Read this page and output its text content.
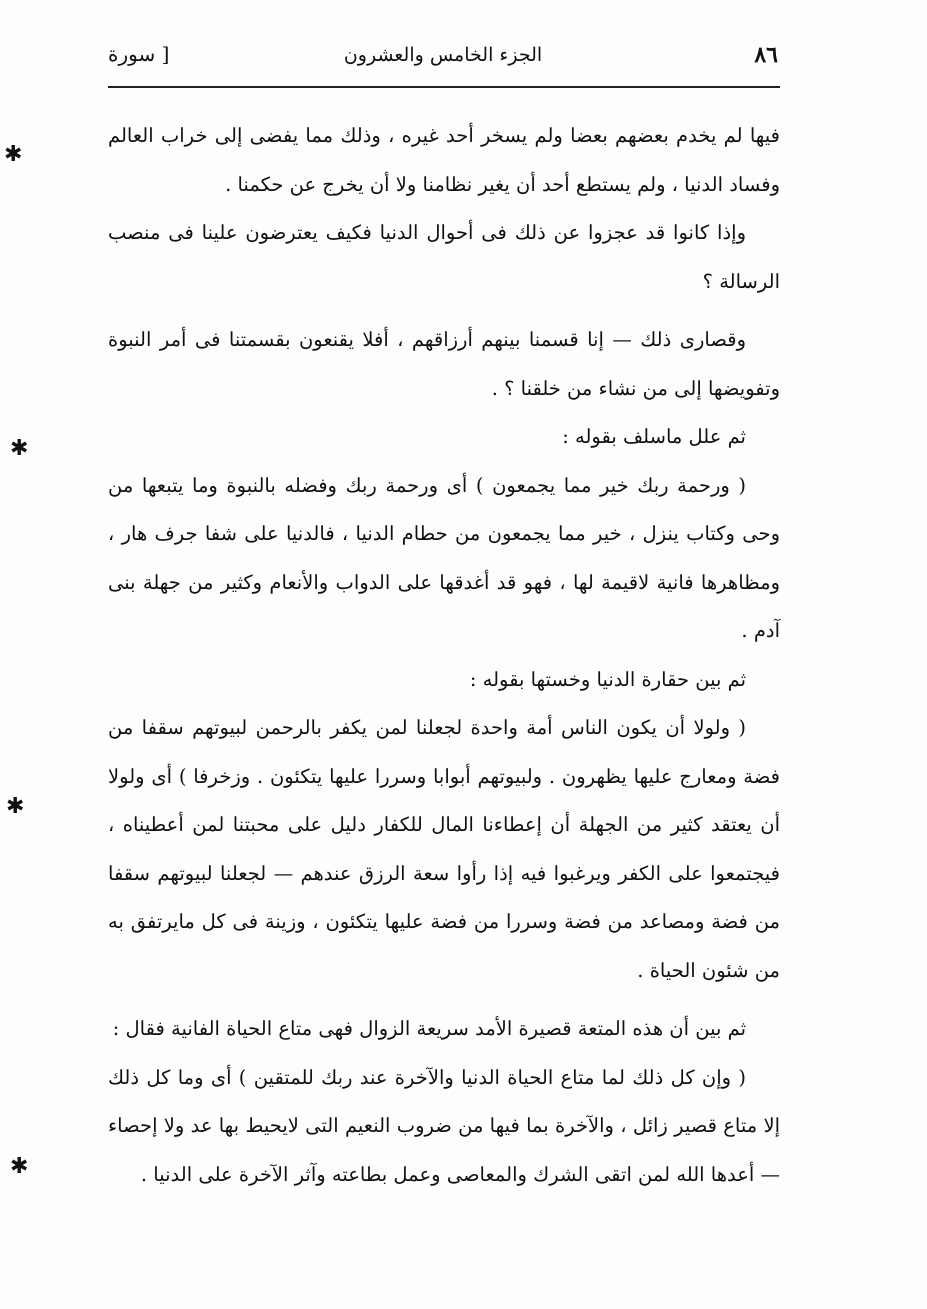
٨٦
الجزء الخامس والعشرون
[ سورة

فيها لم يخدم بعضهم بعضا ولم يسخر أحد غيره ، وذلك مما يفضى إلى خراب العالم وفساد الدنيا ، ولم يستطع أحد أن يغير نظامنا ولا أن يخرج عن حكمنا .

وإذا كانوا قد عجزوا عن ذلك فى أحوال الدنيا فكيف يعترضون علينا فى منصب الرسالة ؟

وقصارى ذلك — إنا قسمنا بينهم أرزاقهم ، أفلا يقنعون بقسمتنا فى أمر النبوة وتفويضها إلى من نشاء من خلقنا ؟ .

ثم علل ماسلف بقوله :

( ورحمة ربك خير مما يجمعون ) أى ورحمة ربك وفضله بالنبوة وما يتبعها من وحى وكتاب ينزل ، خير مما يجمعون من حطام الدنيا ، فالدنيا على شفا جرف هار ، ومظاهرها فانية لاقيمة لها ، فهو قد أغدقها على الدواب والأنعام وكثير من جهلة بنى آدم .

ثم بين حقارة الدنيا وخستها بقوله :

( ولولا أن يكون الناس أمة واحدة لجعلنا لمن يكفر بالرحمن لبيوتهم سقفا من فضة ومعارج عليها يظهرون . ولبيوتهم أبوابا وسررا عليها يتكئون . وزخرفا ) أى ولولا أن يعتقد كثير من الجهلة أن إعطاءنا المال للكفار دليل على محبتنا لمن أعطيناه ، فيجتمعوا على الكفر ويرغبوا فيه إذا رأوا سعة الرزق عندهم — لجعلنا لبيوتهم سقفا من فضة ومصاعد من فضة وسررا من فضة عليها يتكئون ، وزينة فى كل مايرتفق به من شئون الحياة .

ثم بين أن هذه المتعة قصيرة الأمد سريعة الزوال فهى متاع الحياة الفانية فقال :

( وإن كل ذلك لما متاع الحياة الدنيا والآخرة عند ربك للمتقين ) أى وما كل ذلك إلا متاع قصير زائل ، والآخرة بما فيها من ضروب النعيم التى لايحيط بها عد ولا إحصاء — أعدها الله لمن اتقى الشرك والمعاصى وعمل بطاعته وآثر الآخرة على الدنيا .

✱
✱
✱
✱
